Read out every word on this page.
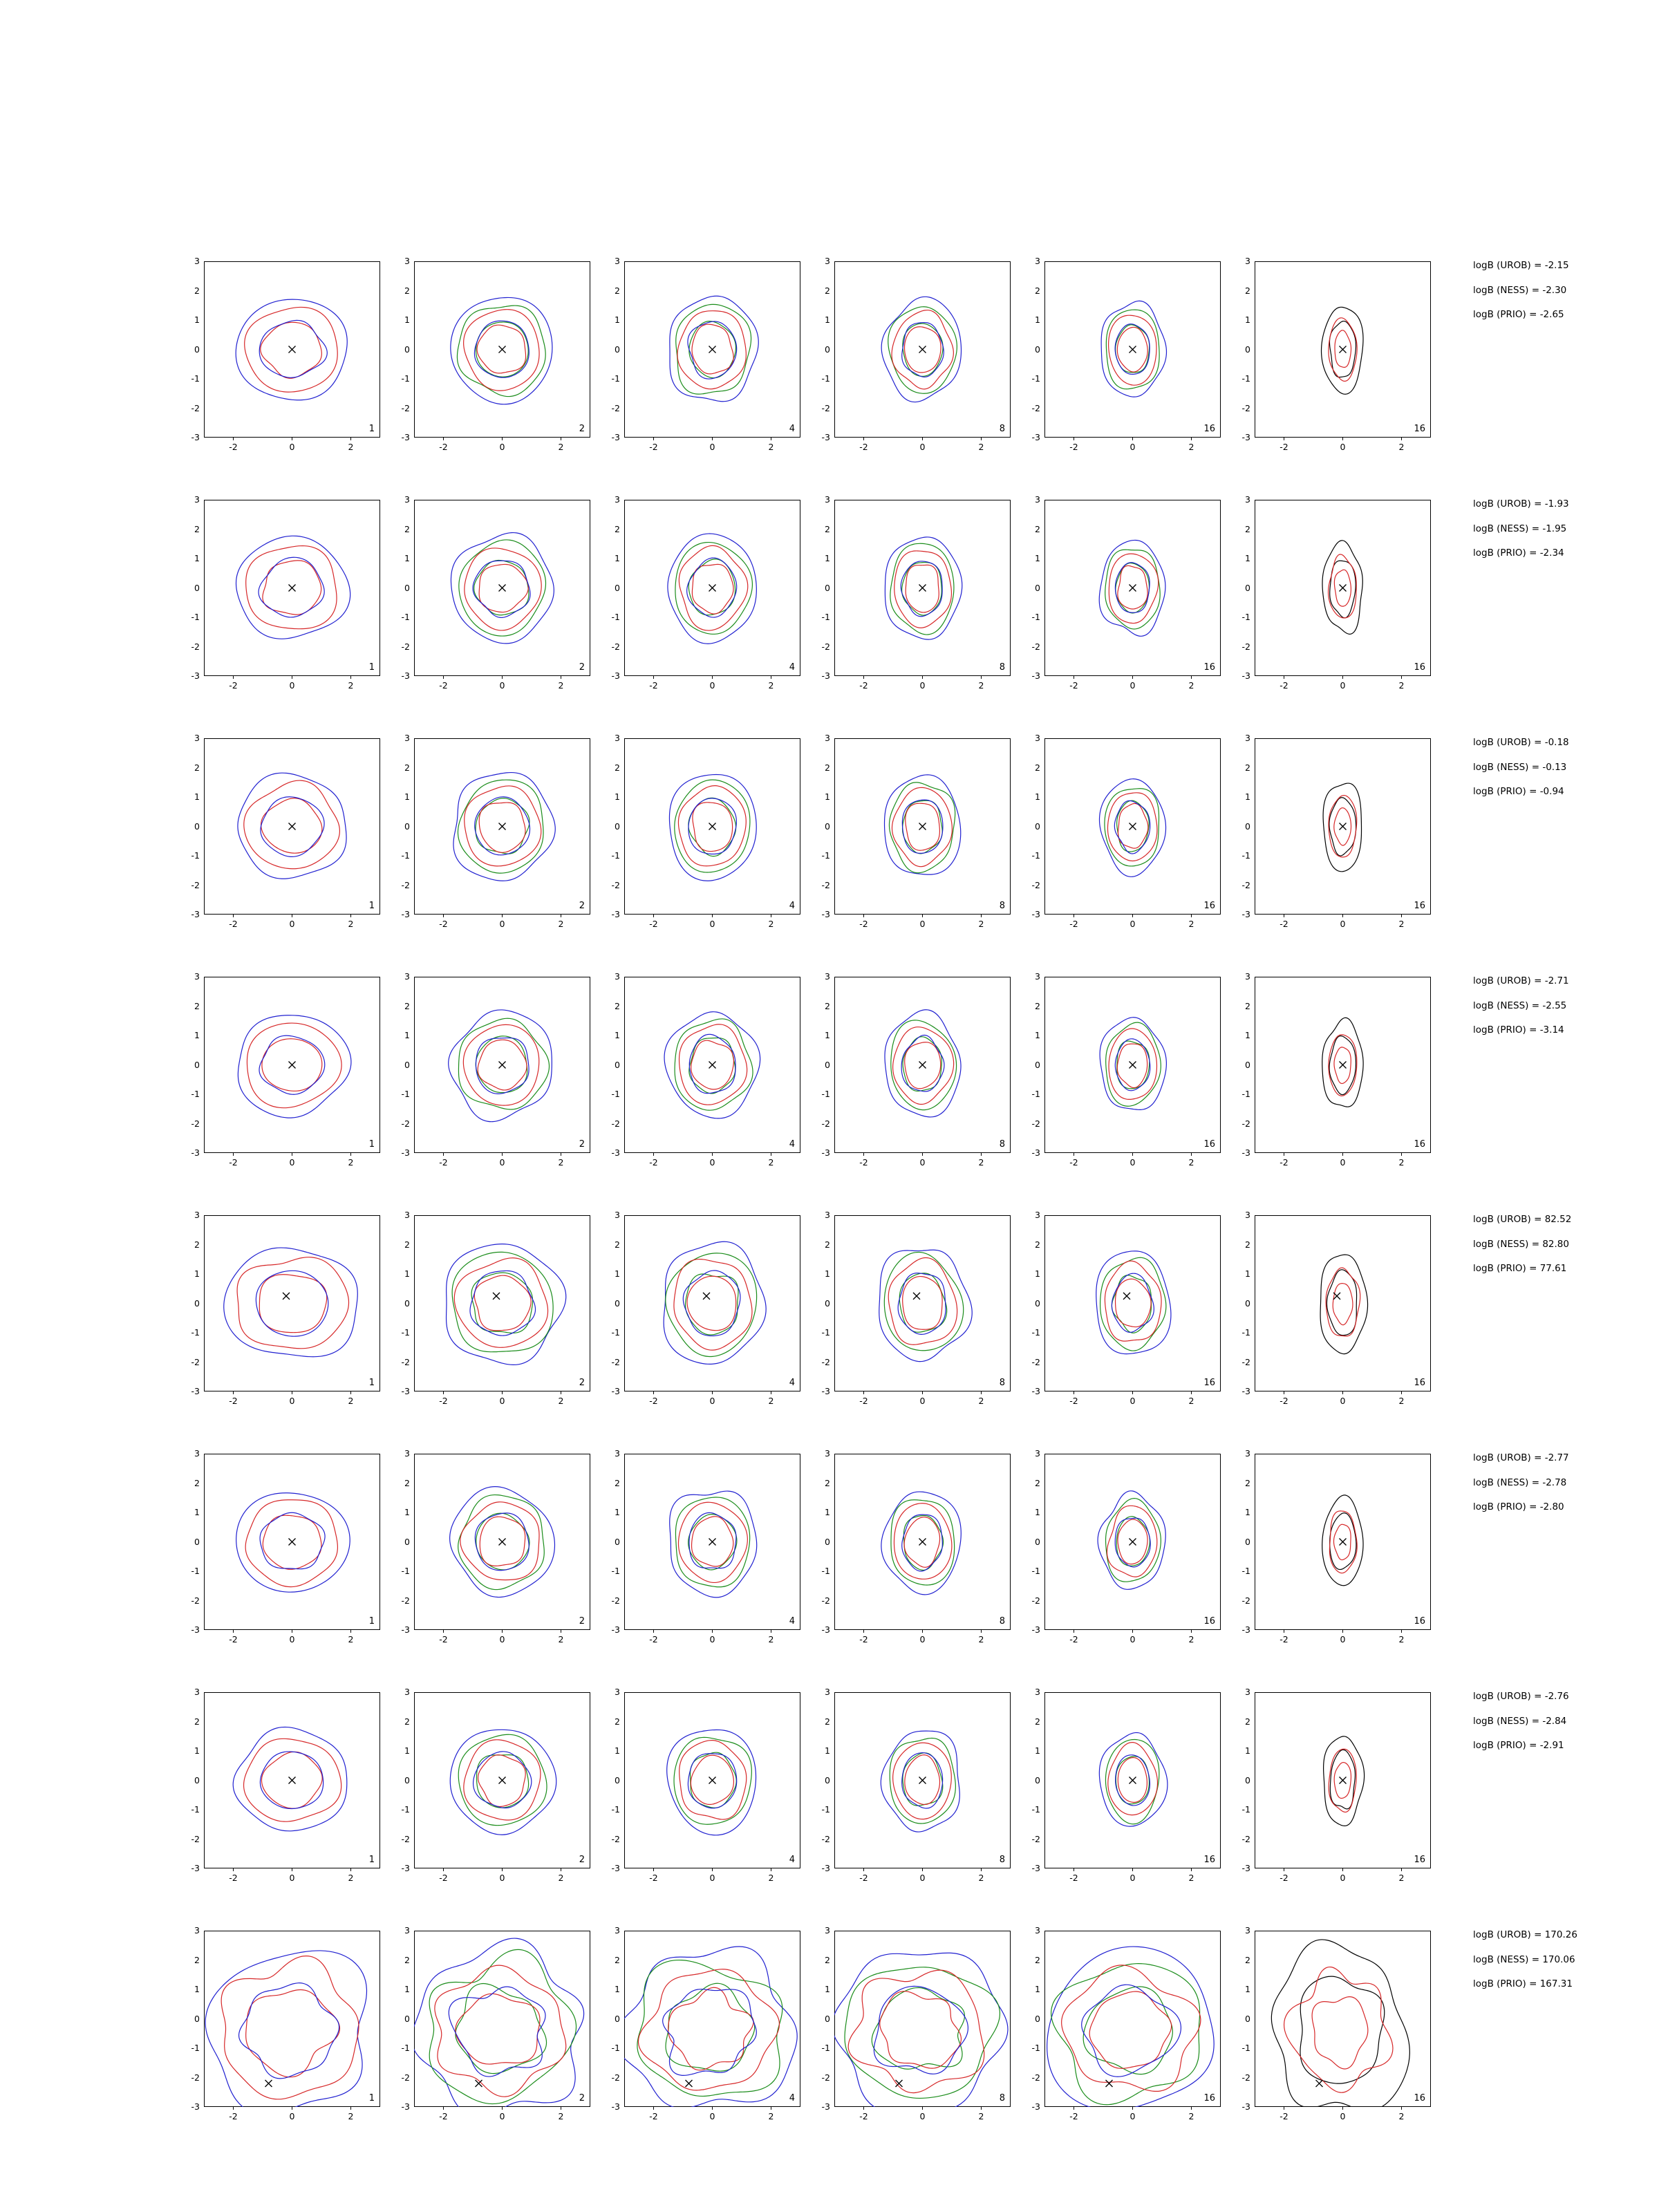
-3
-2
-1
0
1
2
3
-2	0	2
1
-3
-2
-1
0
1
2
3
-2	0	2
2
-3
-2
-1
0
1
2
3
-2	0	2
4
-3
-2
-1
0
1
2
3
-2	0	2
8
-3
-2
-1
0
1
2
3
-2	0	2
16
-3
-2
-1
0
1
2
3
-2	0	2
16
logB (UROB) = -2.15
logB (NESS) = -2.30
logB (PRIO) = -2.65
-3
-2
-1
0
1
2
3
-2	0	2
1
-3
-2
-1
0
1
2
3
-2	0	2
2
-3
-2
-1
0
1
2
3
-2	0	2
4
-3
-2
-1
0
1
2
3
-2	0	2
8
-3
-2
-1
0
1
2
3
-2	0	2
16
-3
-2
-1
0
1
2
3
-2	0	2
16
logB (UROB) = -1.93
logB (NESS) = -1.95
logB (PRIO) = -2.34
-3
-2
-1
0
1
2
3
-2	0	2
1
-3
-2
-1
0
1
2
3
-2	0	2
2
-3
-2
-1
0
1
2
3
-2	0	2
4
-3
-2
-1
0
1
2
3
-2	0	2
8
-3
-2
-1
0
1
2
3
-2	0	2
16
-3
-2
-1
0
1
2
3
-2	0	2
16
logB (UROB) = -0.18
logB (NESS) = -0.13
logB (PRIO) = -0.94
-3
-2
-1
0
1
2
3
-2	0	2
1
-3
-2
-1
0
1
2
3
-2	0	2
2
-3
-2
-1
0
1
2
3
-2	0	2
4
-3
-2
-1
0
1
2
3
-2	0	2
8
-3
-2
-1
0
1
2
3
-2	0	2
16
-3
-2
-1
0
1
2
3
-2	0	2
16
logB (UROB) = -2.71
logB (NESS) = -2.55
logB (PRIO) = -3.14
-3
-2
-1
0
1
2
3
-2	0	2
1
-3
-2
-1
0
1
2
3
-2	0	2
2
-3
-2
-1
0
1
2
3
-2	0	2
4
-3
-2
-1
0
1
2
3
-2	0	2
8
-3
-2
-1
0
1
2
3
-2	0	2
16
-3
-2
-1
0
1
2
3
-2	0	2
16
logB (UROB) = 82.52
logB (NESS) = 82.80
logB (PRIO) = 77.61
-3
-2
-1
0
1
2
3
-2	0	2
1
-3
-2
-1
0
1
2
3
-2	0	2
2
-3
-2
-1
0
1
2
3
-2	0	2
4
-3
-2
-1
0
1
2
3
-2	0	2
8
-3
-2
-1
0
1
2
3
-2	0	2
16
-3
-2
-1
0
1
2
3
-2	0	2
16
logB (UROB) = -2.77
logB (NESS) = -2.78
logB (PRIO) = -2.80
-3
-2
-1
0
1
2
3
-2	0	2
1
-3
-2
-1
0
1
2
3
-2	0	2
2
-3
-2
-1
0
1
2
3
-2	0	2
4
-3
-2
-1
0
1
2
3
-2	0	2
8
-3
-2
-1
0
1
2
3
-2	0	2
16
-3
-2
-1
0
1
2
3
-2	0	2
16
logB (UROB) = -2.76
logB (NESS) = -2.84
logB (PRIO) = -2.91
-3
-2
-1
0
1
2
3
-2	0	2
1
-3
-2
-1
0
1
2
3
-2	0	2
2
-3
-2
-1
0
1
2
3
-2	0	2
4
-3
-2
-1
0
1
2
3
-2	0	2
8
-3
-2
-1
0
1
2
3
-2	0	2
16
-3
-2
-1
0
1
2
3
-2	0	2
16
logB (UROB) = 170.26
logB (NESS) = 170.06
logB (PRIO) = 167.31
